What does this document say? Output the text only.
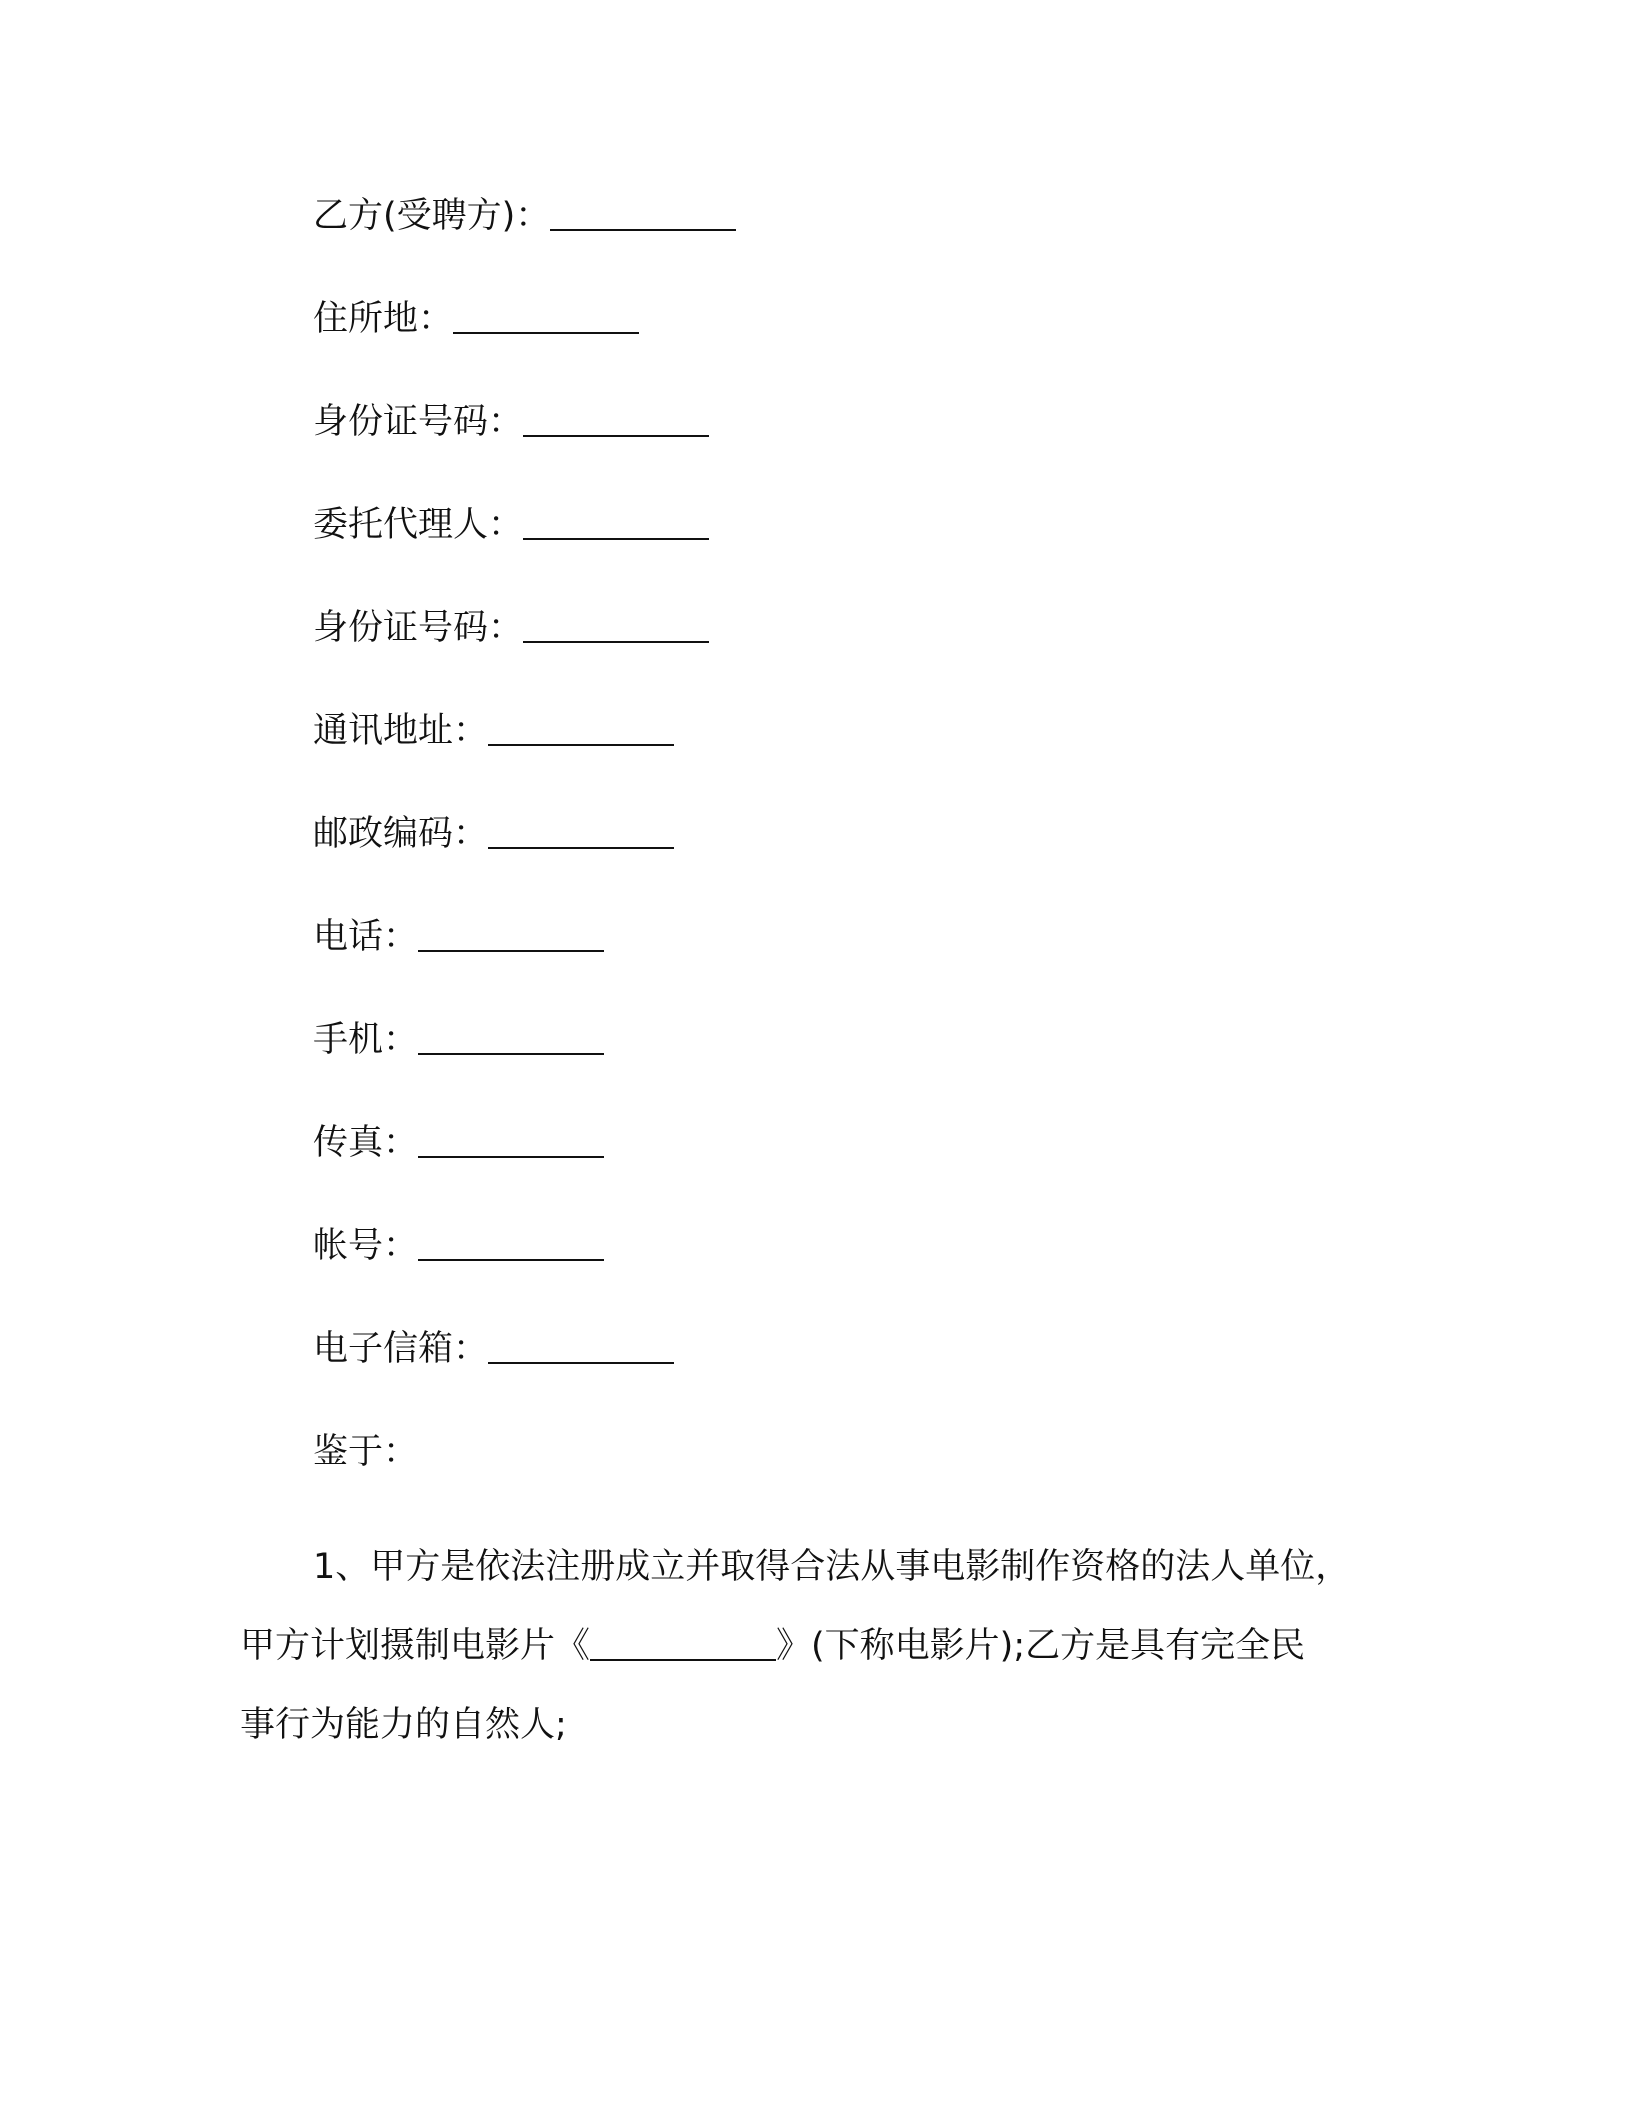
乙方(受聘方)：
住所地：
身份证号码：
委托代理人：
身份证号码：
通讯地址：
邮政编码：
电话：
手机：
传真：
帐号：
电子信箱：
鉴于：

1、甲方是依法注册成立并取得合法从事电影制作资格的法人单位，
甲方计划摄制电影片《	》(下称电影片);乙方是具有完全民
事行为能力的自然人;
